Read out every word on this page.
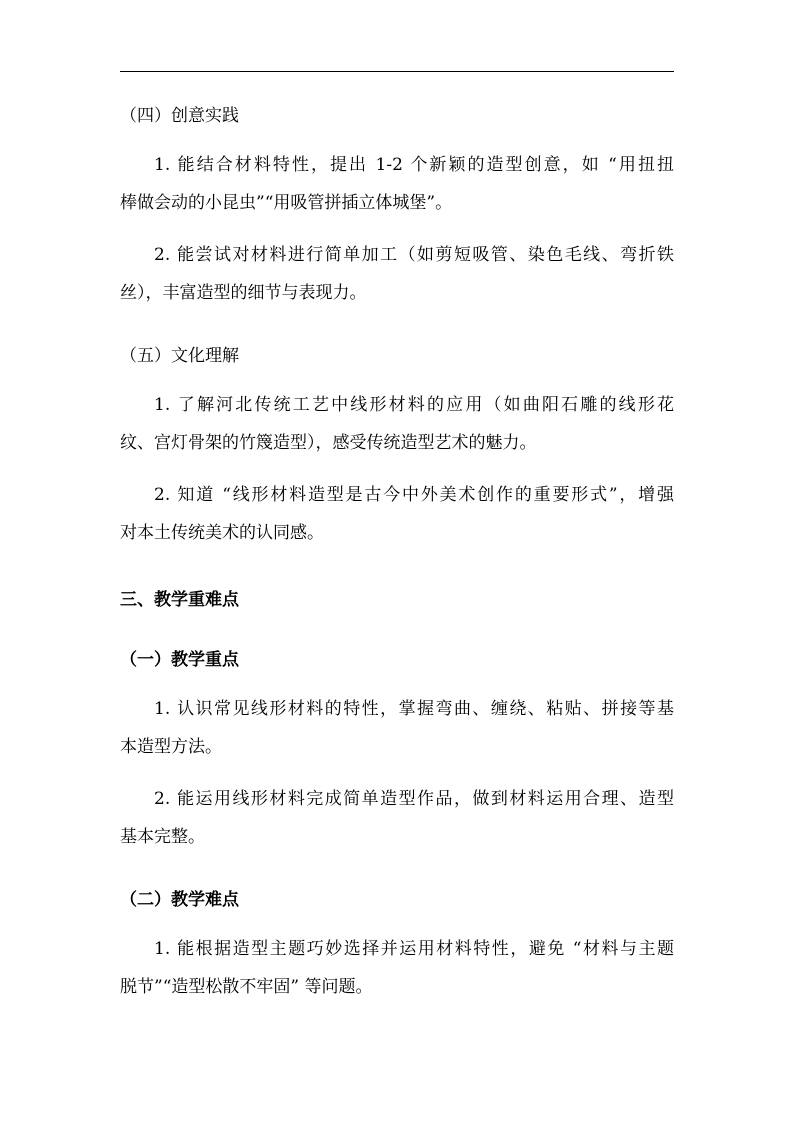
（四）创意实践
1. 能结合材料特性，提出 1-2 个新颖的造型创意，如 “用扭扭
棒做会动的小昆虫”“用吸管拼插立体城堡”。
2. 能尝试对材料进行简单加工（如剪短吸管、染色毛线、弯折铁
丝），丰富造型的细节与表现力。
（五）文化理解
1. 了解河北传统工艺中线形材料的应用（如曲阳石雕的线形花
纹、宫灯骨架的竹篾造型），感受传统造型艺术的魅力。
2. 知道 “线形材料造型是古今中外美术创作的重要形式”，增强
对本土传统美术的认同感。
三、教学重难点
（一）教学重点
1. 认识常见线形材料的特性，掌握弯曲、缠绕、粘贴、拼接等基
本造型方法。
2. 能运用线形材料完成简单造型作品，做到材料运用合理、造型
基本完整。
（二）教学难点
1. 能根据造型主题巧妙选择并运用材料特性，避免 “材料与主题
脱节”“造型松散不牢固” 等问题。
